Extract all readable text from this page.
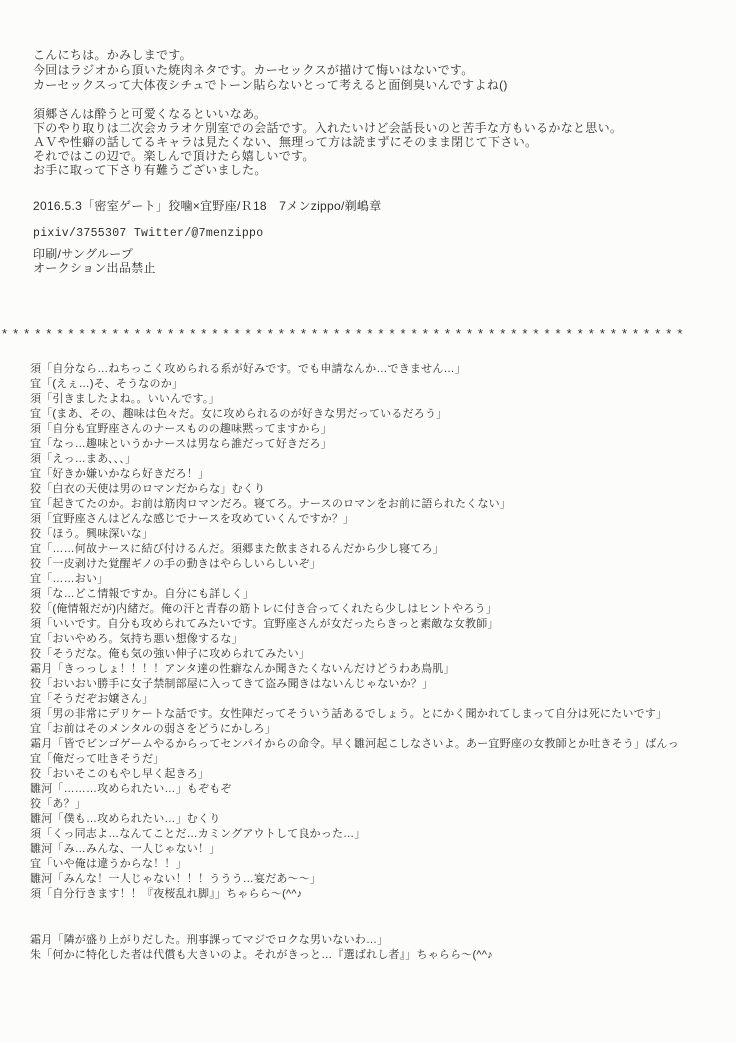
こんにちは。かみしまです。
今回はラジオから頂いた焼肉ネタです。カーセックスが描けて悔いはないです。
カーセックスって大体夜シチュでトーン貼らないとって考えると面倒臭いんですよね()
須郷さんは酔うと可愛くなるといいなあ。
下のやり取りは二次会カラオケ別室での会話です。入れたいけど会話長いのと苦手な方もいるかなと思い。
ＡＶや性癖の話してるキャラは見たくない、無理って方は読まずにそのまま閉じて下さい。
それではこの辺で。楽しんで頂けたら嬉しいです。
お手に取って下さり有難うございました。
2016.5.3「密室ゲート」狡噛×宜野座/Ｒ18　7メンzippo/剃嶋章
pixiv/3755307 Twitter/@7menzippo
印刷/サングループ
オークション出品禁止
* * * * * * * * * * * * * * * * * * * * * * * * * * * * * * * * * * * * * * * * * * * * * * * * * * * * * * * * * * * * * *
須「自分なら…ねちっこく攻められる系が好みです。でも申請なんか…できません…」
宜「(えぇ…)そ、そうなのか」
須「引きましたよね。。いいんです。」
宜「(まあ、その、趣味は色々だ。女に攻められるのが好きな男だっているだろう」
須「自分も宜野座さんのナースものの趣味黙ってますから」
宜「なっ…趣味というかナースは男なら誰だって好きだろ」
須「えっ…まあ、、、」
宜「好きか嫌いかなら好きだろ！」
狡「白衣の天使は男のロマンだからな」むくり
宜「起きてたのか。お前は筋肉ロマンだろ。寝てろ。ナースのロマンをお前に語られたくない」
須「宜野座さんはどんな感じでナースを攻めていくんですか？」
狡「ほう。興味深いな」
宜「……何故ナースに結び付けるんだ。須郷また飲まされるんだから少し寝てろ」
狡「一皮剥けた覚醒ギノの手の動きはやらしいらしいぞ」
宜「……おい」
須「な…どこ情報ですか。自分にも詳しく」
狡「(俺情報だが)内緒だ。俺の汗と青春の筋トレに付き合ってくれたら少しはヒントやろう」
須「いいです。自分も攻められてみたいです。宜野座さんが女だったらきっと素敵な女教師」
宜「おいやめろ。気持ち悪い想像するな」
狡「そうだな。俺も気の強い伸子に攻められてみたい」
霜月「きっっしょ！！！！アンタ達の性癖なんか聞きたくないんだけどうわあ鳥肌」
狡「おいおい勝手に女子禁制部屋に入ってきて盗み聞きはないんじゃないか？」
宜「そうだぞお嬢さん」
須「男の非常にデリケートな話です。女性陣だってそういう話あるでしょう。とにかく聞かれてしまって自分は死にたいです」
宜「お前はそのメンタルの弱さをどうにかしろ」
霜月「皆でビンゴゲームやるからってセンパイからの命令。早く雛河起こしなさいよ。あー宜野座の女教師とか吐きそう」ばんっ
宜「俺だって吐きそうだ」
狡「おいそこのもやし早く起きろ」
雛河「………攻められたい…」もぞもぞ
狡「あ？」
雛河「僕も…攻められたい…」むくり
須「くっ同志よ…なんてことだ…カミングアウトして良かった…」
雛河「み…みんな、一人じゃない！」
宜「いや俺は違うからな！！」
雛河「みんな！一人じゃない！！！ううう…宴だあ～～」
須「自分行きます！！『夜桜乱れ脚』」ちゃらら～(^^♪
霜月「隣が盛り上がりだした。刑事課ってマジでロクな男いないわ…」
朱「何かに特化した者は代償も大きいのよ。それがきっと…『選ばれし者』」ちゃらら～(^^♪
